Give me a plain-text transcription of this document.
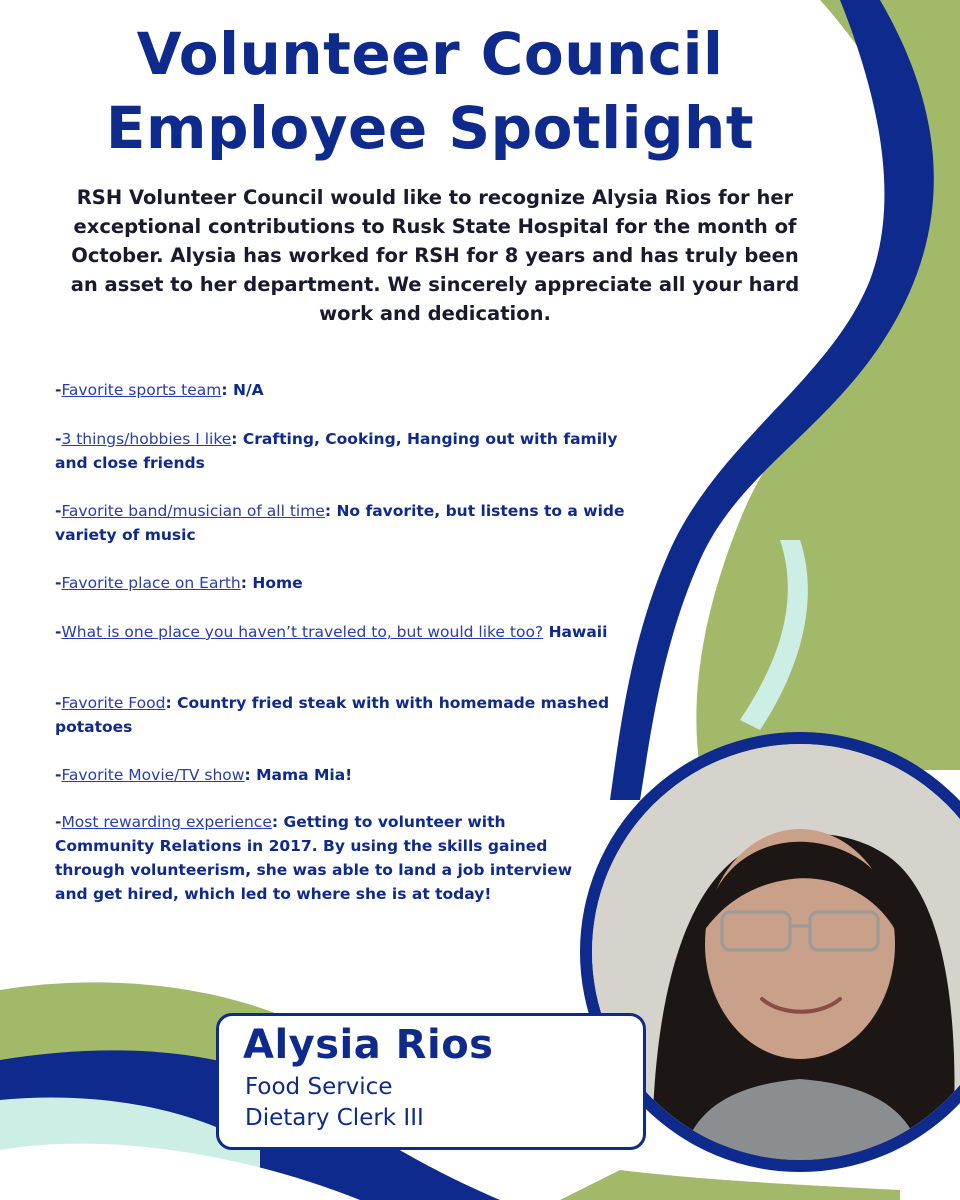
Volunteer Council
Employee Spotlight
RSH Volunteer Council would like to recognize Alysia Rios for her exceptional contributions to Rusk State Hospital for the month of October. Alysia has worked for RSH for 8 years and has truly been an asset to her department. We sincerely appreciate all your hard work and dedication.
-Favorite sports team: N/A
-3 things/hobbies I like: Crafting, Cooking, Hanging out with family and close friends
-Favorite band/musician of all time: No favorite, but listens to a wide variety of music
-Favorite place on Earth: Home
-What is one place you haven’t traveled to, but would like too? Hawaii
-Favorite Food: Country fried steak with with homemade mashed potatoes
-Favorite Movie/TV show: Mama Mia!
-Most rewarding experience: Getting to volunteer with Community Relations in 2017. By using the skills gained through volunteerism, she was able to land a job interview and get hired, which led to where she is at today!
Alysia Rios
Food Service
Dietary Clerk III
